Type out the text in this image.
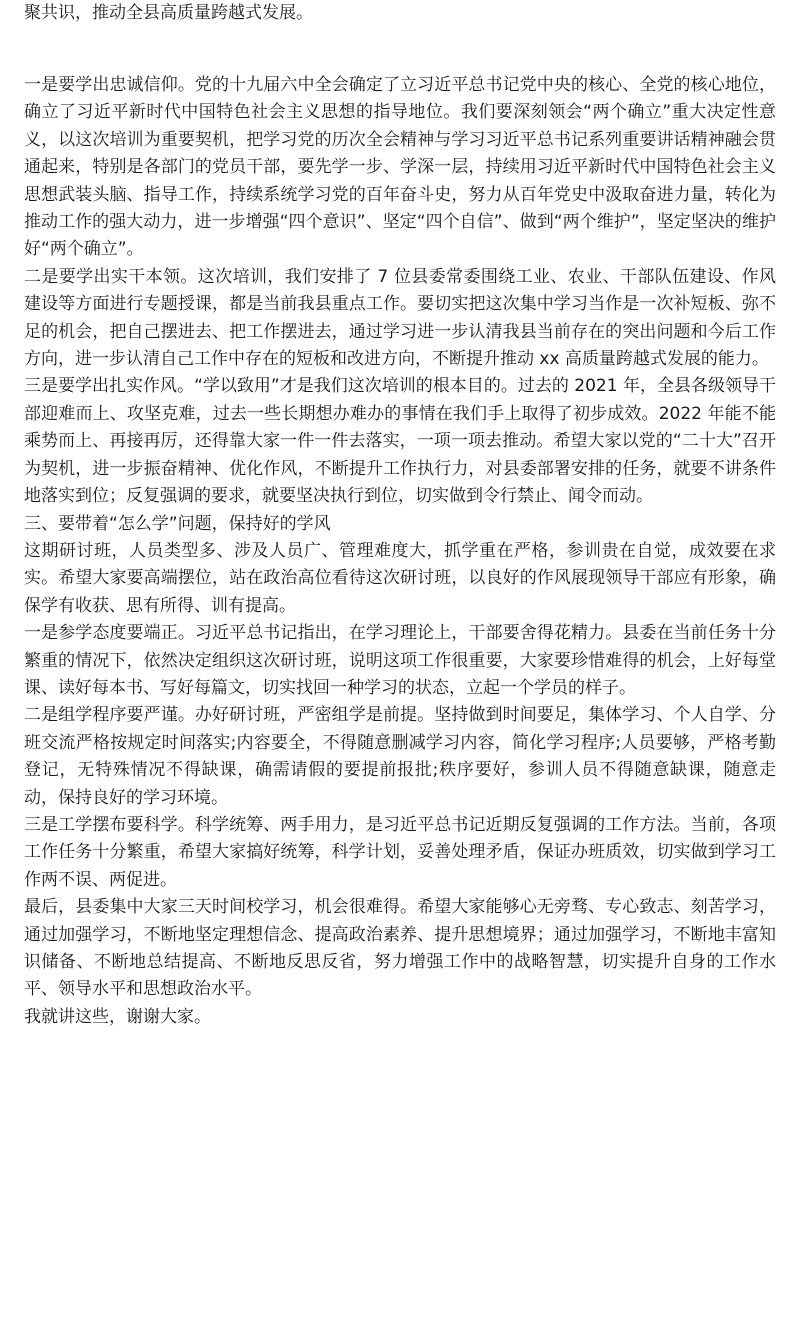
聚共识，推动全县高质量跨越式发展。

一是要学出忠诚信仰。党的十九届六中全会确定了立习近平总书记党中央的核心、全党的核心地位，确立了习近平新时代中国特色社会主义思想的指导地位。我们要深刻领会“两个确立”重大决定性意义，以这次培训为重要契机，把学习党的历次全会精神与学习习近平总书记系列重要讲话精神融会贯通起来，特别是各部门的党员干部，要先学一步、学深一层，持续用习近平新时代中国特色社会主义思想武装头脑、指导工作，持续系统学习党的百年奋斗史，努力从百年党史中汲取奋进力量，转化为推动工作的强大动力，进一步增强“四个意识”、坚定“四个自信”、做到“两个维护”，坚定坚决的维护好“两个确立”。

二是要学出实干本领。这次培训，我们安排了 7 位县委常委围绕工业、农业、干部队伍建设、作风建设等方面进行专题授课，都是当前我县重点工作。要切实把这次集中学习当作是一次补短板、弥不足的机会，把自己摆进去、把工作摆进去，通过学习进一步认清我县当前存在的突出问题和今后工作方向，进一步认清自己工作中存在的短板和改进方向，不断提升推动 xx 高质量跨越式发展的能力。

三是要学出扎实作风。“学以致用”才是我们这次培训的根本目的。过去的 2021 年，全县各级领导干部迎难而上、攻坚克难，过去一些长期想办难办的事情在我们手上取得了初步成效。2022 年能不能乘势而上、再接再厉，还得靠大家一件一件去落实，一项一项去推动。希望大家以党的“二十大”召开为契机，进一步振奋精神、优化作风，不断提升工作执行力，对县委部署安排的任务，就要不讲条件地落实到位；反复强调的要求，就要坚决执行到位，切实做到令行禁止、闻令而动。

三、要带着“怎么学”问题，保持好的学风

这期研讨班，人员类型多、涉及人员广、管理难度大，抓学重在严格，参训贵在自觉，成效要在求实。希望大家要高端摆位，站在政治高位看待这次研讨班，以良好的作风展现领导干部应有形象，确保学有收获、思有所得、训有提高。

一是参学态度要端正。习近平总书记指出，在学习理论上，干部要舍得花精力。县委在当前任务十分繁重的情况下，依然决定组织这次研讨班，说明这项工作很重要，大家要珍惜难得的机会，上好每堂课、读好每本书、写好每篇文，切实找回一种学习的状态，立起一个学员的样子。

二是组学程序要严谨。办好研讨班，严密组学是前提。坚持做到时间要足，集体学习、个人自学、分班交流严格按规定时间落实;内容要全，不得随意删减学习内容，简化学习程序;人员要够，严格考勤登记，无特殊情况不得缺课，确需请假的要提前报批;秩序要好，参训人员不得随意缺课，随意走动，保持良好的学习环境。

三是工学摆布要科学。科学统筹、两手用力，是习近平总书记近期反复强调的工作方法。当前，各项工作任务十分繁重，希望大家搞好统筹，科学计划，妥善处理矛盾，保证办班质效，切实做到学习工作两不误、两促进。

最后，县委集中大家三天时间校学习，机会很难得。希望大家能够心无旁骛、专心致志、刻苦学习，通过加强学习，不断地坚定理想信念、提高政治素养、提升思想境界；通过加强学习，不断地丰富知识储备、不断地总结提高、不断地反思反省，努力增强工作中的战略智慧，切实提升自身的工作水平、领导水平和思想政治水平。

我就讲这些，谢谢大家。
